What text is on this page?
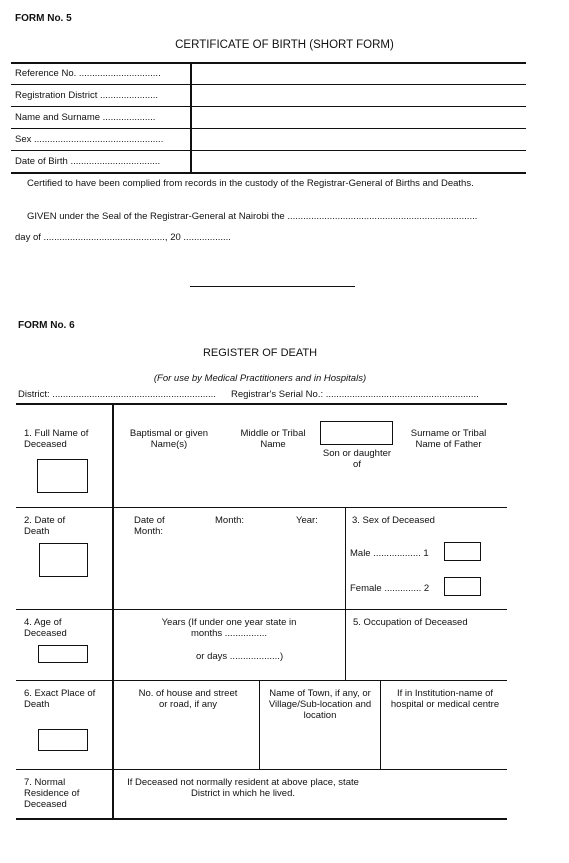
FORM No. 5
CERTIFICATE OF BIRTH (SHORT FORM)
Reference No. ...............................
Registration District ......................
Name and Surname ....................
Sex .................................................
Date of Birth ..................................
Certified to have been complied from records in the custody of the Registrar-General of Births and Deaths.
GIVEN under the Seal of the Registrar-General at Nairobi the ........................................................................
day of .............................................., 20 ..................
FORM No. 6
REGISTER OF DEATH
(For use by Medical Practitioners and in Hospitals)
District: .............................................................. Registrar's Serial No.: ..........................................................
1. Full Name of Deceased
Baptismal or given Name(s)
Middle or Tribal Name
Son or daughter of
Surname or Tribal Name of Father
2. Date of Death
Date of Month:
Month:	Year:	3. Sex of Deceased
Male .................. 1
Female .............. 2
4. Age of Deceased
Years (If under one year state in months ................
or days ...................)
5. Occupation of Deceased
6. Exact Place of Death
No. of house and street or road, if any
Name of Town, if any, or Village/Sub-location and location
If in Institution-name of hospital or medical centre
7. Normal Residence of Deceased
If Deceased not normally resident at above place, state District in which he lived.
